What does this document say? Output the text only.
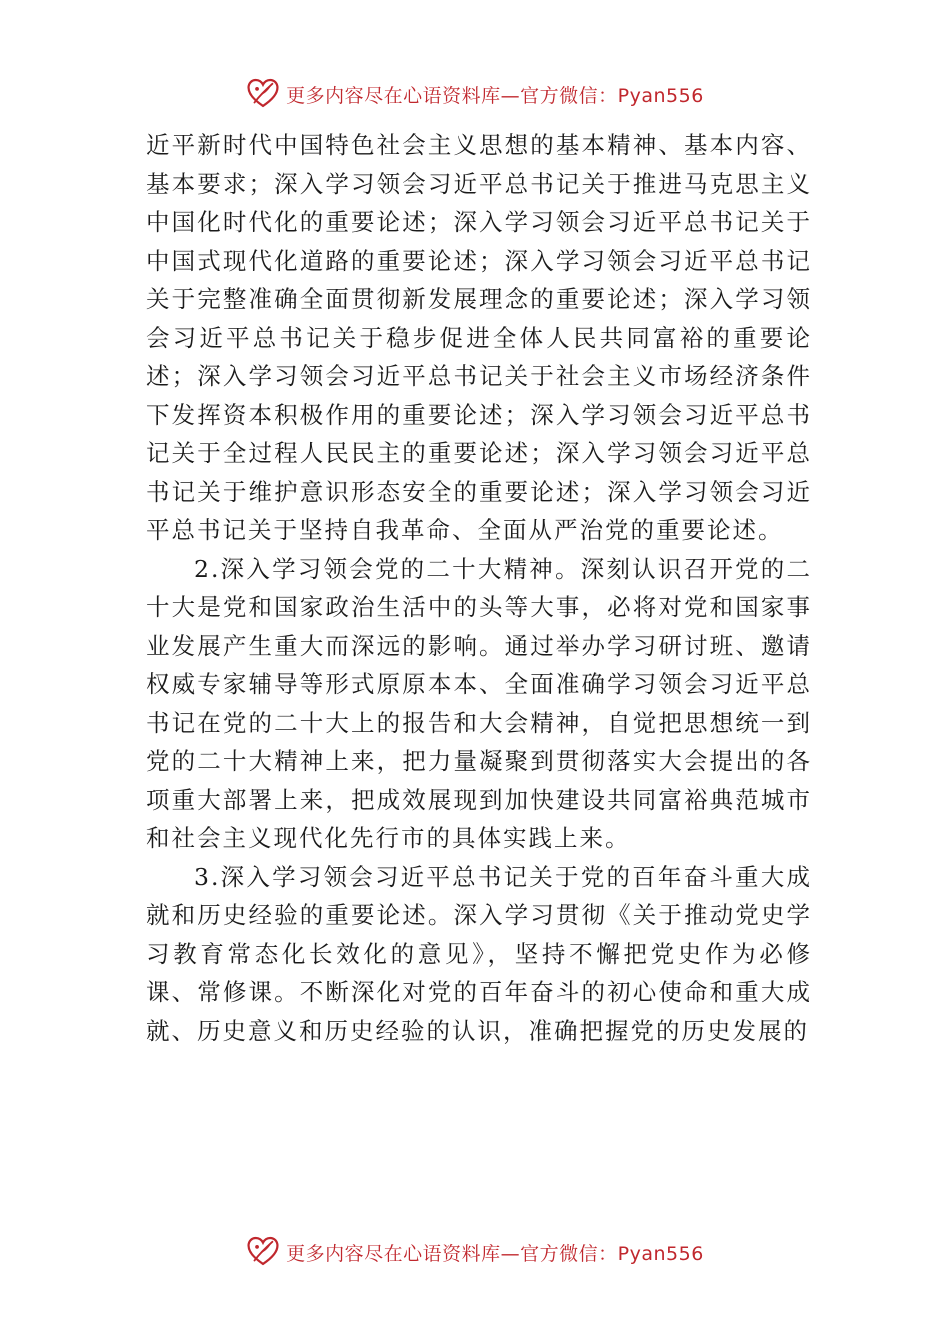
更多内容尽在心语资料库—官方微信：Pyan556

近平新时代中国特色社会主义思想的基本精神、基本内容、 基本要求；深入学习领会习近平总书记关于推进马克思主义中国化时代化的重要论述；深入学习领会习近平总书记关于中国式现代化道路的重要论述；深入学习领会习近平总书记关于完整准确全面贯彻新发展理念的重要论述；深入学习领会习近平总书记关于稳步促进全体人民共同富裕的重要论述；深入学习领会习近平总书记关于社会主义市场经济条件下发挥资本积极作用的重要论述；深入学习领会习近平总书记关于全过程人民民主的重要论述；深入学习领会习近平总书记关于维护意识形态安全的重要论述；深入学习领会习近平总书记关于坚持自我革命、全面从严治党的重要论述。

2.深入学习领会党的二十大精神。深刻认识召开党的二十大是党和国家政治生活中的头等大事，必将对党和国家事业发展产生重大而深远的影响。通过举办学习研讨班、邀请权威专家辅导等形式原原本本、全面准确学习领会习近平总书记在党的二十大上的报告和大会精神，自觉把思想统一到党的二十大精神上来，把力量凝聚到贯彻落实大会提出的各项重大部署上来，把成效展现到加快建设共同富裕典范城市和社会主义现代化先行市的具体实践上来。

3.深入学习领会习近平总书记关于党的百年奋斗重大成就和历史经验的重要论述。深入学习贯彻《关于推动党史学习教育常态化长效化的意见》，坚持不懈把党史作为必修课、常修课。不断深化对党的百年奋斗的初心使命和重大成就、历史意义和历史经验的认识，准确把握党的历史发展的

更多内容尽在心语资料库—官方微信：Pyan556
